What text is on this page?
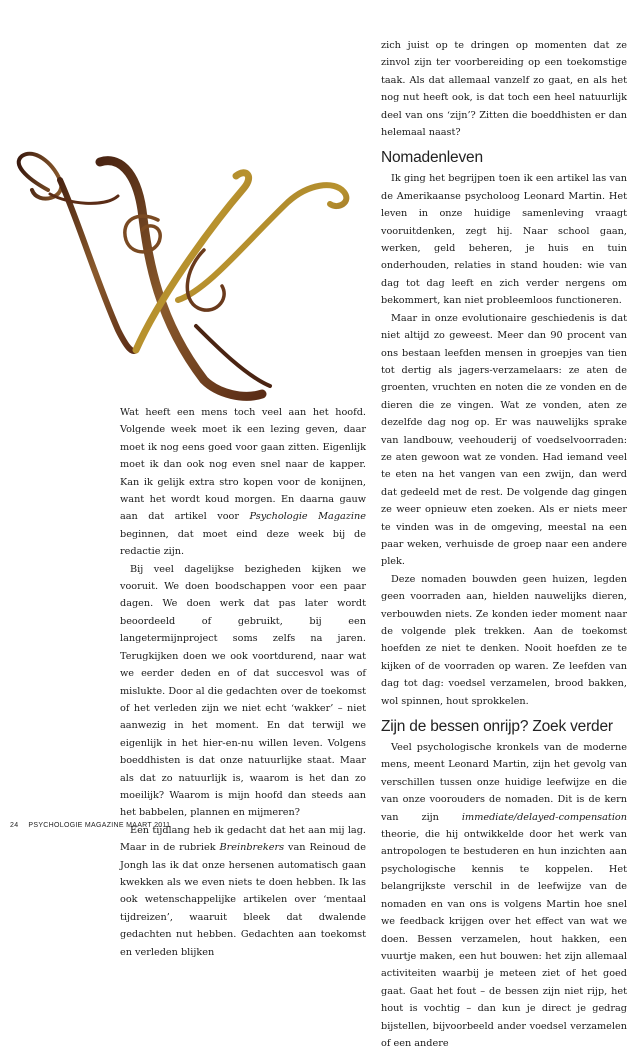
Wat heeft een mens toch veel aan het hoofd. Volgende week moet ik een lezing geven, daar moet ik nog eens goed voor gaan zitten. Eigenlijk moet ik dan ook nog even snel naar de kapper. Kan ik gelijk extra stro kopen voor de konijnen, want het wordt koud morgen. En daarna gauw aan dat artikel voor Psychologie Magazine beginnen, dat moet eind deze week bij de redactie zijn.

Bij veel dagelijkse bezigheden kijken we vooruit. We doen boodschappen voor een paar dagen. We doen werk dat pas later wordt beoordeeld of gebruikt, bij een langetermijnproject soms zelfs na jaren. Terugkijken doen we ook voortdurend, naar wat we eerder deden en of dat succesvol was of mislukte. Door al die gedachten over de toekomst of het verleden zijn we niet echt ‘wakker’ – niet aanwezig in het moment. En dat terwijl we eigenlijk in het hier-en-nu willen leven. Volgens boeddhisten is dat onze natuurlijke staat. Maar als dat zo natuurlijk is, waarom is het dan zo moeilijk? Waarom is mijn hoofd dan steeds aan het babbelen, plannen en mijmeren?

Een tijdlang heb ik gedacht dat het aan mij lag. Maar in de rubriek Breinbrekers van Reinoud de Jongh las ik dat onze hersenen automatisch gaan kwekken als we even niets te doen hebben. Ik las ook wetenschappelijke artikelen over ‘mentaal tijdreizen’, waaruit bleek dat dwalende gedachten nut hebben. Gedachten aan toekomst en verleden blijken

zich juist op te dringen op momenten dat ze zinvol zijn ter voorbereiding op een toekomstige taak. Als dat allemaal vanzelf zo gaat, en als het nog nut heeft ook, is dat toch een heel natuurlijk deel van ons ‘zijn’? Zitten die boeddhisten er dan helemaal naast?

Nomadenleven

Ik ging het begrijpen toen ik een artikel las van de Amerikaanse psycholoog Leonard Martin. Het leven in onze huidige samenleving vraagt vooruitdenken, zegt hij. Naar school gaan, werken, geld beheren, je huis en tuin onderhouden, relaties in stand houden: wie van dag tot dag leeft en zich verder nergens om bekommert, kan niet probleemloos functioneren.

Maar in onze evolutionaire geschiedenis is dat niet altijd zo geweest. Meer dan 90 procent van ons bestaan leefden mensen in groepjes van tien tot dertig als jagers-verzamelaars: ze aten de groenten, vruchten en noten die ze vonden en de dieren die ze vingen. Wat ze vonden, aten ze dezelfde dag nog op. Er was nauwelijks sprake van landbouw, veehouderij of voedselvoorraden: ze aten gewoon wat ze vonden. Had iemand veel te eten na het vangen van een zwijn, dan werd dat gedeeld met de rest. De volgende dag gingen ze weer opnieuw eten zoeken. Als er niets meer te vinden was in de omgeving, meestal na een paar weken, verhuisde de groep naar een andere plek.

Deze nomaden bouwden geen huizen, legden geen voorraden aan, hielden nauwelijks dieren, verbouwden niets. Ze konden ieder moment naar de volgende plek trekken. Aan de toekomst hoefden ze niet te denken. Nooit hoefden ze te kijken of de voorraden op waren. Ze leefden van dag tot dag: voedsel verzamelen, brood bakken, wol spinnen, hout sprokkelen.

Zijn de bessen onrijp? Zoek verder

Veel psychologische kronkels van de moderne mens, meent Leonard Martin, zijn het gevolg van verschillen tussen onze huidige leefwijze en die van onze voorouders de nomaden. Dit is de kern van zijn immediate/delayed-compensation theorie, die hij ontwikkelde door het werk van antropologen te bestuderen en hun inzichten aan psychologische kennis te koppelen. Het belangrijkste verschil in de leefwijze van de nomaden en van ons is volgens Martin hoe snel we feedback krijgen over het effect van wat we doen. Bessen verzamelen, hout hakken, een vuurtje maken, een hut bouwen: het zijn allemaal activiteiten waarbij je meteen ziet of het goed gaat. Gaat het fout – de bessen zijn niet rijp, het hout is vochtig – dan kun je direct je gedrag bijstellen, bijvoorbeeld ander voedsel verzamelen of een andere

24 PSYCHOLOGIE MAGAZINE MAART 2011
